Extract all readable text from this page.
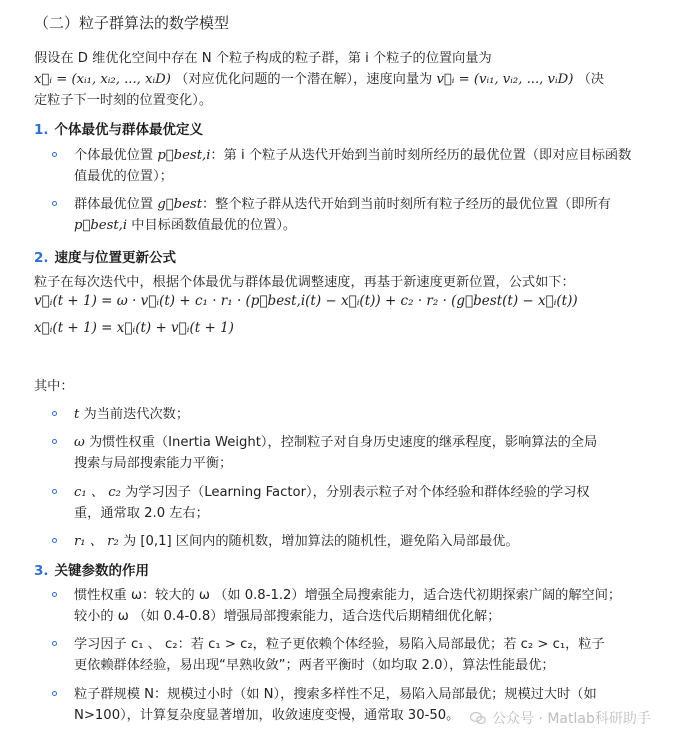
（二）粒子群算法的数学模型
假设在 D 维优化空间中存在 N 个粒子构成的粒子群，第 i 个粒子的位置向量为
x⃗ᵢ = (xᵢ₁, xᵢ₂, ..., xᵢD) （对应优化问题的一个潜在解），速度向量为 v⃗ᵢ = (vᵢ₁, vᵢ₂, ..., vᵢD) （决
定粒子下一时刻的位置变化）。
1. 个体最优与群体最优定义
个体最优位置 p⃗best,i：第 i 个粒子从迭代开始到当前时刻所经历的最优位置（即对应目标函数
值最优的位置）；
群体最优位置 g⃗best：整个粒子群从迭代开始到当前时刻所有粒子经历的最优位置（即所有
p⃗best,i 中目标函数值最优的位置）。
2. 速度与位置更新公式
粒子在每次迭代中，根据个体最优与群体最优调整速度，再基于新速度更新位置，公式如下：
v⃗ᵢ(t + 1) = ω · v⃗ᵢ(t) + c₁ · r₁ · (p⃗best,i(t) − x⃗ᵢ(t)) + c₂ · r₂ · (g⃗best(t) − x⃗ᵢ(t))
x⃗ᵢ(t + 1) = x⃗ᵢ(t) + v⃗ᵢ(t + 1)
其中：
t 为当前迭代次数；
ω 为惯性权重（Inertia Weight），控制粒子对自身历史速度的继承程度，影响算法的全局
搜索与局部搜索能力平衡；
c₁ 、 c₂ 为学习因子（Learning Factor），分别表示粒子对个体经验和群体经验的学习权
重，通常取 2.0 左右；
r₁ 、 r₂ 为 [0,1] 区间内的随机数，增加算法的随机性，避免陷入局部最优。
3. 关键参数的作用
惯性权重 ω：较大的 ω （如 0.8-1.2）增强全局搜索能力，适合迭代初期探索广阔的解空间；
较小的 ω （如 0.4-0.8）增强局部搜索能力，适合迭代后期精细优化解；
学习因子 c₁ 、 c₂：若 c₁ > c₂，粒子更依赖个体经验，易陷入局部最优；若 c₂ > c₁，粒子
更依赖群体经验，易出现“早熟收敛”；两者平衡时（如均取 2.0），算法性能最优；
粒子群规模 N：规模过小时（如 N），搜索多样性不足，易陷入局部最优；规模过大时（如
N>100），计算复杂度显著增加，收敛速度变慢，通常取 30-50。	公众号 · Matlab科研助手
